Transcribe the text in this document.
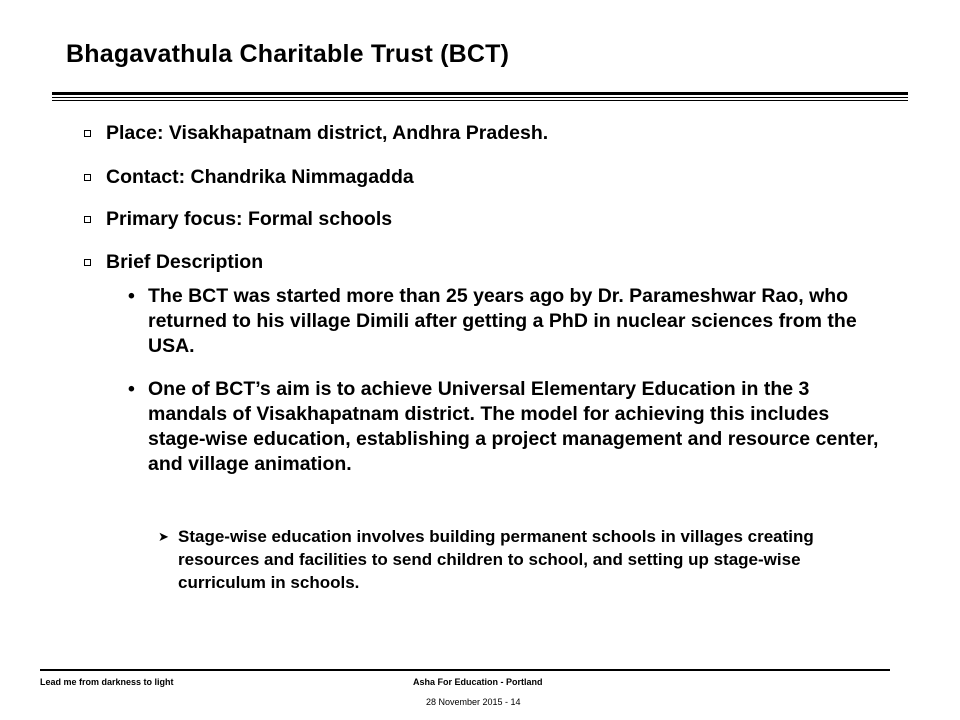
Bhagavathula Charitable Trust (BCT)
Place: Visakhapatnam district, Andhra Pradesh.
Contact: Chandrika Nimmagadda
Primary focus: Formal schools
Brief Description
• The BCT was started more than 25 years ago by Dr. Parameshwar Rao, who returned to his village Dimili after getting a PhD in nuclear sciences from the USA.
• One of BCT’s aim is to achieve Universal Elementary Education in the 3 mandals of Visakhapatnam district. The model for achieving this includes stage-wise education, establishing a project management and resource center, and village animation.
➤ Stage-wise education involves building permanent schools in villages creating resources and facilities to send children to school, and setting up stage-wise curriculum in schools.
Lead me from darkness to light	Asha For Education - Portland
28 November 2015 - 14
